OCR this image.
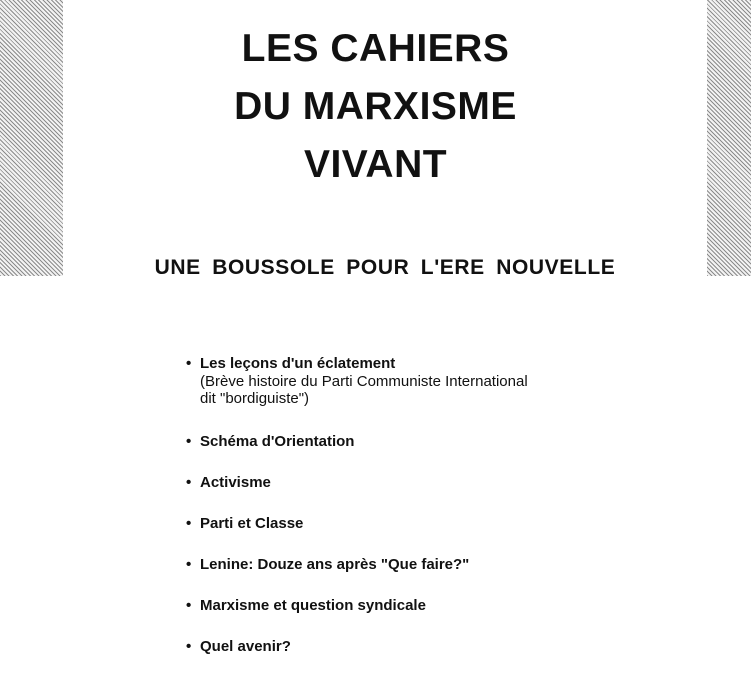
LES CAHIERS
DU MARXISME
VIVANT
UNE BOUSSOLE POUR L'ERE NOUVELLE
• Les leçons d'un éclatement
(Brève histoire du Parti Communiste International
dit "bordiguiste")
• Schéma d'Orientation
• Activisme
• Parti et Classe
• Lenine: Douze ans après "Que faire?"
• Marxisme et question syndicale
• Quel avenir?
